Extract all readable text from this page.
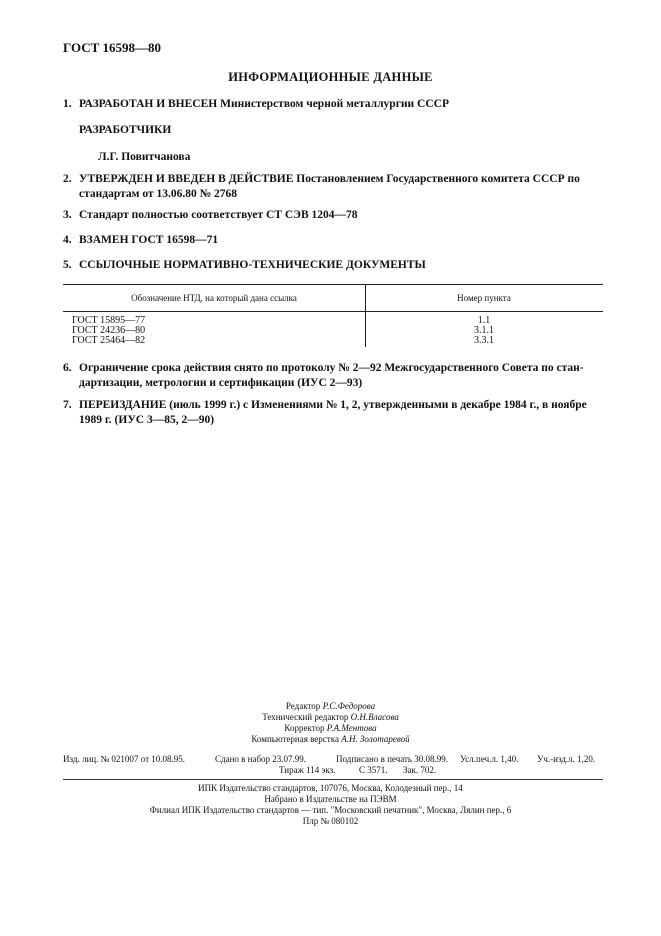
ГОСТ 16598—80
ИНФОРМАЦИОННЫЕ ДАННЫЕ
1. РАЗРАБОТАН И ВНЕСЕН Министерством черной металлургии СССР
РАЗРАБОТЧИКИ
Л.Г. Повитчанова
2. УТВЕРЖДЕН И ВВЕДЕН В ДЕЙСТВИЕ Постановлением Государственного комитета СССР по
стандартам от 13.06.80 № 2768
3. Стандарт полностью соответствует СТ СЭВ 1204—78
4. ВЗАМЕН ГОСТ 16598—71
5. ССЫЛОЧНЫЕ НОРМАТИВНО-ТЕХНИЧЕСКИЕ ДОКУМЕНТЫ
Обозначение НТД, на который дана ссылка	Номер пункта
ГОСТ 15895—77	1.1
ГОСТ 24236—80	3.1.1
ГОСТ 25464—82	3.3.1
6. Ограничение срока действия снято по протоколу № 2—92 Межгосударственного Совета по стан-
дартизации, метрологии и сертификации (ИУС 2—93)
7. ПЕРЕИЗДАНИЕ (июль 1999 г.) с Изменениями № 1, 2, утвержденными в декабре 1984 г., в ноябре
1989 г. (ИУС 3—85, 2—90)
Редактор Р.С.Федорова
Технический редактор О.Н.Власова
Корректор Р.А.Ментова
Компьютерная верстка А.Н. Золотаревой
Изд. лиц. № 021007 от 10.08.95.	Сдано в набор 23.07.99.	Подписано в печать 30.08.99. Усл.печ.л. 1,40. Уч.-изд.л. 1,20.
Тираж 114 экз.	С 3571. Зак. 702.
ИПК Издательство стандартов, 107076, Москва, Колодезный пер., 14
Набрано в Издательстве на ПЭВМ
Филиал ИПК Издательство стандартов — тип. "Московский печатник", Москва, Лялин пер., 6
Плр № 080102
